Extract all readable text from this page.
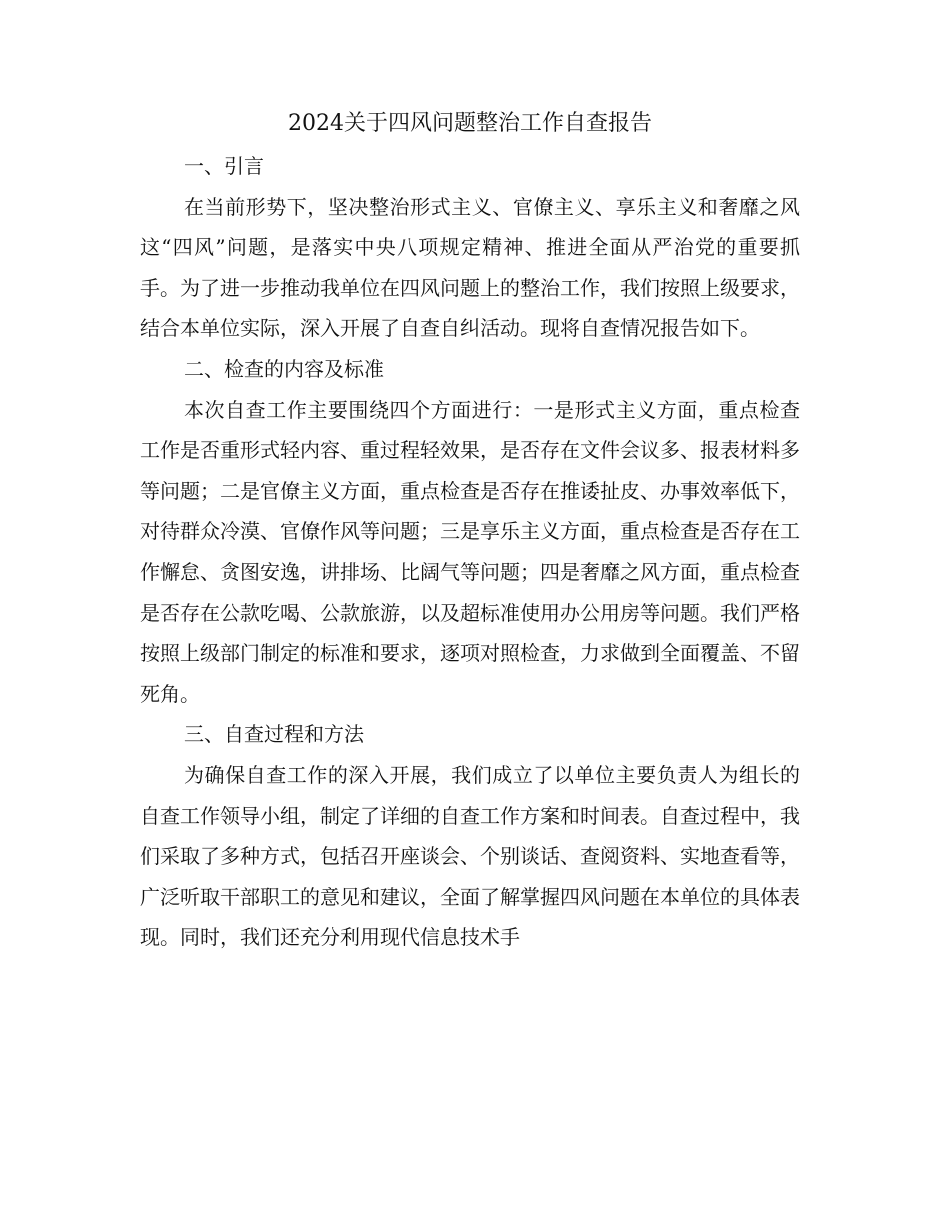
2024关于四风问题整治工作自查报告

一、引言

在当前形势下，坚决整治形式主义、官僚主义、享乐主义和奢靡之风这“四风”问题，是落实中央八项规定精神、推进全面从严治党的重要抓手。为了进一步推动我单位在四风问题上的整治工作，我们按照上级要求，结合本单位实际，深入开展了自查自纠活动。现将自查情况报告如下。

二、检查的内容及标准

本次自查工作主要围绕四个方面进行：一是形式主义方面，重点检查工作是否重形式轻内容、重过程轻效果，是否存在文件会议多、报表材料多等问题；二是官僚主义方面，重点检查是否存在推诿扯皮、办事效率低下，对待群众冷漠、官僚作风等问题；三是享乐主义方面，重点检查是否存在工作懈怠、贪图安逸，讲排场、比阔气等问题；四是奢靡之风方面，重点检查是否存在公款吃喝、公款旅游，以及超标准使用办公用房等问题。我们严格按照上级部门制定的标准和要求，逐项对照检查，力求做到全面覆盖、不留死角。

三、自查过程和方法

为确保自查工作的深入开展，我们成立了以单位主要负责人为组长的自查工作领导小组，制定了详细的自查工作方案和时间表。自查过程中，我们采取了多种方式，包括召开座谈会、个别谈话、查阅资料、实地查看等，广泛听取干部职工的意见和建议，全面了解掌握四风问题在本单位的具体表现。同时，我们还充分利用现代信息技术手
